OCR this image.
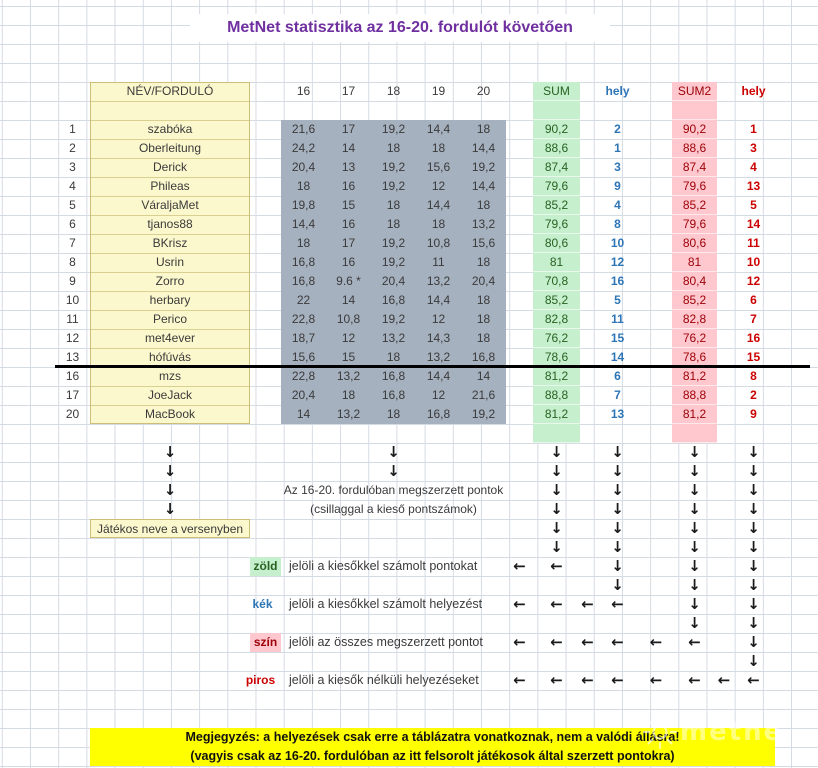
MetNet statisztika az 16-20. fordulót követően
NÉV/FORDULÓ	16	17	18	19	20	SUM	hely	SUM2	hely
1	szabóka	21,6	17	19,2	14,4	18	90,2	2	90,2	1
2	Oberleitung	24,2	14	18	18	14,4	88,6	1	88,6	3
3	Derick	20,4	13	19,2	15,6	19,2	87,4	3	87,4	4
4	Phileas	18	16	19,2	12	14,4	79,6	9	79,6	13
5	VáraljaMet	19,8	15	18	14,4	18	85,2	4	85,2	5
6	tjanos88	14,4	16	18	18	13,2	79,6	8	79,6	14
7	BKrisz	18	17	19,2	10,8	15,6	80,6	10	80,6	11
8	Usrin	16,8	16	19,2	11	18	81	12	81	10
9	Zorro	16,8	9.6 *	20,4	13,2	20,4	70,8	16	80,4	12
10	herbary	22	14	16,8	14,4	18	85,2	5	85,2	6
11	Perico	22,8	10,8	19,2	12	18	82,8	11	82,8	7
12	met4ever	18,7	12	13,2	14,3	18	76,2	15	76,2	16
13	hófúvás	15,6	15	18	13,2	16,8	78,6	14	78,6	15
16	mzs	22,8	13,2	16,8	14,4	14	81,2	6	81,2	8
17	JoeJack	20,4	18	16,8	12	21,6	88,8	7	88,8	2
20	MacBook	14	13,2	18	16,8	19,2	81,2	13	81,2	9
↓	↓	↓	↓	↓	↓
↓	↓	↓	↓	↓	↓
↓	↓	↓	↓	↓
↓	↓	↓	↓	↓
↓	↓	↓	↓
↓	↓	↓	↓
↓	↓	↓
←	←
↓	↓	↓
↓	↓
←	←	←	←
↓	↓
↓
←	←	←	←	←	←
↓
←	←	←	←	←	←	←	←
Az 16-20. fordulóban megszerzett pontok
(csillaggal a kieső pontszámok)
Játékos neve a versenyben
zöld jelöli a kiesőkkel számolt pontokat
kék	jelöli a kiesőkkel számolt helyezést
szín jelöli az összes megszerzett pontot
piros	jelöli a kiesők nélküli helyezéseket
Megjegyzés: a helyezések csak erre a táblázatra vonatkoznak, nem a valódi állásra!
(vagyis csak az 16-20. fordulóban az itt felsorolt játékosok által szerzett pontokra)
metne
